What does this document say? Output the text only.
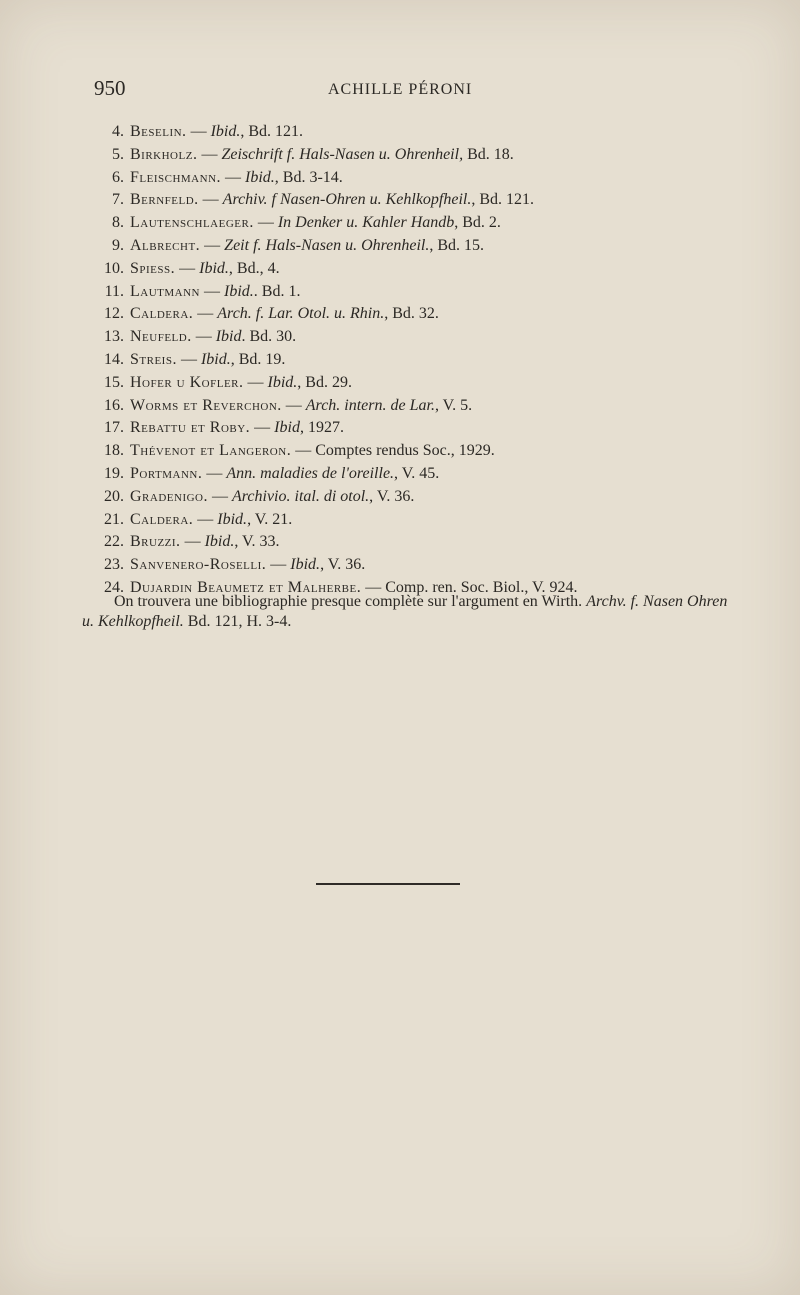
950	ACHILLE PÉRONI
4. Beselin. — Ibid., Bd. 121.
5. Birkholz. — Zeischrift f. Hals-Nasen u. Ohrenheil, Bd. 18.
6. Fleischmann. — Ibid., Bd. 3-14.
7. Bernfeld. — Archiv. f Nasen-Ohren u. Kehlkopfheil., Bd. 121.
8. Lautenschlaeger. — In Denker u. Kahler Handb, Bd. 2.
9. Albrecht. — Zeit f. Hals-Nasen u. Ohrenheil., Bd. 15.
10. Spiess. — Ibid., Bd., 4.
11. Lautmann — Ibid.. Bd. 1.
12. Caldera. — Arch. f. Lar. Otol. u. Rhin., Bd. 32.
13. Neufeld. — Ibid. Bd. 30.
14. Streis. — Ibid., Bd. 19.
15. Hofer u Kofler. — Ibid., Bd. 29.
16. Worms et Reverchon. — Arch. intern. de Lar., V. 5.
17. Rebattu et Roby. — Ibid, 1927.
18. Thévenot et Langeron. — Comptes rendus Soc., 1929.
19. Portmann. — Ann. maladies de l'oreille., V. 45.
20. Gradenigo. — Archivio. ital. di otol., V. 36.
21. Caldera. — Ibid., V. 21.
22. Bruzzi. — Ibid., V. 33.
23. Sanvenero-Roselli. — Ibid., V. 36.
24. Dujardin Beaumetz et Malherbe. — Comp. ren. Soc. Biol., V. 924.

On trouvera une bibliographie presque complète sur l'argument en Wirth. Archv. f. Nasen Ohren u. Kehlkopfheil. Bd. 121, H. 3-4.
